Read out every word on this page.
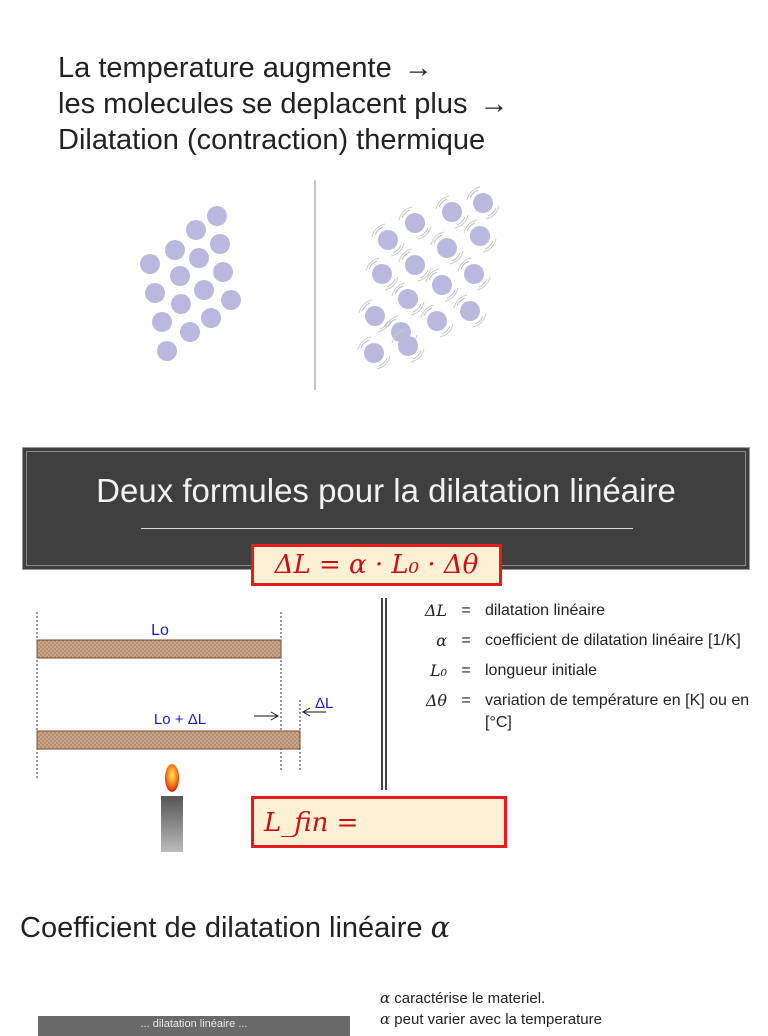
La temperature augmente →
les molecules se deplacent plus →
Dilatation (contraction) thermique
Deux formules pour la dilatation linéaire
ΔL = α · L₀ · Δθ
Lo
Lo + ΔL
ΔL
ΔL = dilatation linéaire
α = coefficient de dilatation linéaire [1/K]
L₀ = longueur initiale
Δθ = variation de température en [K] ou en [°C]
L_fin =
Coefficient de dilatation linéaire α
... dilatation linéaire ...
α caractérise le materiel.
α peut varier avec la temperature
